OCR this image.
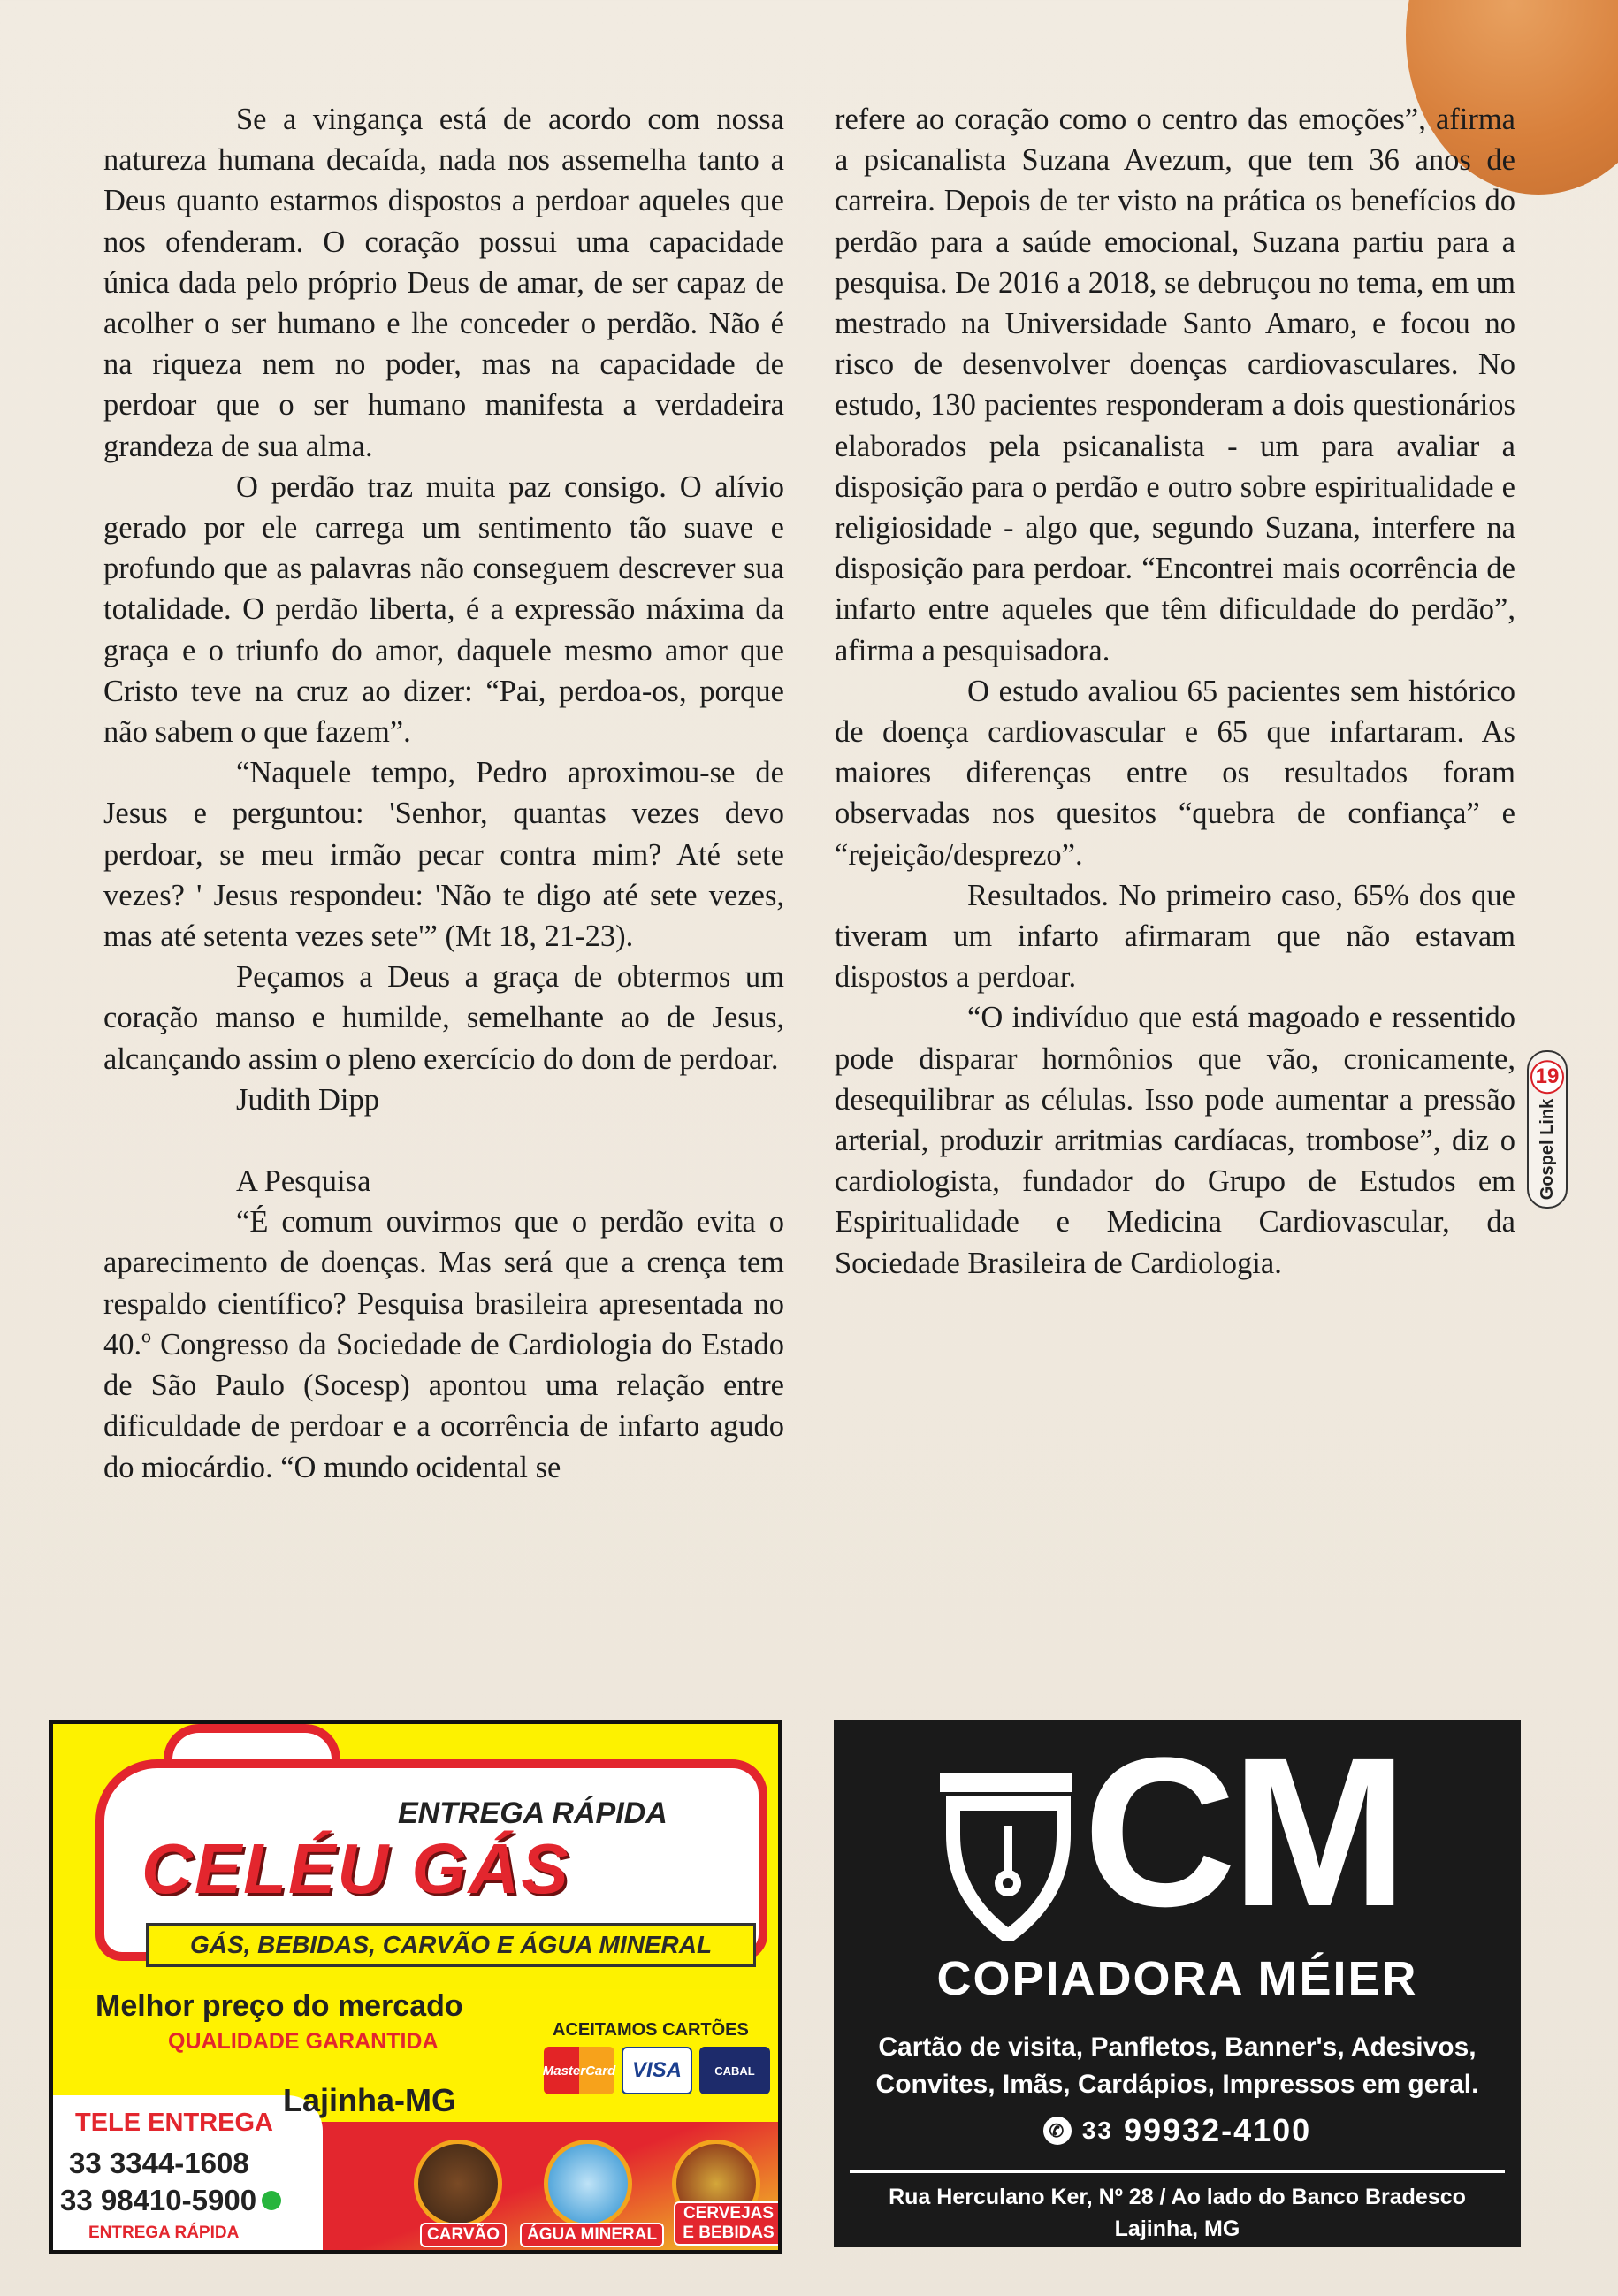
Se a vingança está de acordo com nossa natureza humana decaída, nada nos assemelha tanto a Deus quanto estarmos dispostos a perdoar aqueles que nos ofenderam. O coração possui uma capacidade única dada pelo próprio Deus de amar, de ser capaz de acolher o ser humano e lhe conceder o perdão. Não é na riqueza nem no poder, mas na capacidade de perdoar que o ser humano manifesta a verdadeira grandeza de sua alma.

O perdão traz muita paz consigo. O alívio gerado por ele carrega um sentimento tão suave e profundo que as palavras não conseguem descrever sua totalidade. O perdão liberta, é a expressão máxima da graça e o triunfo do amor, daquele mesmo amor que Cristo teve na cruz ao dizer: “Pai, perdoa-os, porque não sabem o que fazem”.

“Naquele tempo, Pedro aproximou-se de Jesus e perguntou: 'Senhor, quantas vezes devo perdoar, se meu irmão pecar contra mim? Até sete vezes? ' Jesus respondeu: 'Não te digo até sete vezes, mas até setenta vezes sete'” (Mt 18, 21-23).

Peçamos a Deus a graça de obtermos um coração manso e humilde, semelhante ao de Jesus, alcançando assim o pleno exercício do dom de perdoar.

Judith Dipp

A Pesquisa

“É comum ouvirmos que o perdão evita o aparecimento de doenças. Mas será que a crença tem respaldo científico? Pesquisa brasileira apresentada no 40.º Congresso da Sociedade de Cardiologia do Estado de São Paulo (Socesp) apontou uma relação entre dificuldade de perdoar e a ocorrência de infarto agudo do miocárdio. “O mundo ocidental se

refere ao coração como o centro das emoções”, afirma a psicanalista Suzana Avezum, que tem 36 anos de carreira. Depois de ter visto na prática os benefícios do perdão para a saúde emocional, Suzana partiu para a pesquisa. De 2016 a 2018, se debruçou no tema, em um mestrado na Universidade Santo Amaro, e focou no risco de desenvolver doenças cardiovasculares. No estudo, 130 pacientes responderam a dois questionários elaborados pela psicanalista - um para avaliar a disposição para o perdão e outro sobre espiritualidade e religiosidade - algo que, segundo Suzana, interfere na disposição para perdoar. “Encontrei mais ocorrência de infarto entre aqueles que têm dificuldade do perdão”, afirma a pesquisadora.

O estudo avaliou 65 pacientes sem histórico de doença cardiovascular e 65 que infartaram. As maiores diferenças entre os resultados foram observadas nos quesitos “quebra de confiança” e “rejeição/desprezo”.

Resultados. No primeiro caso, 65% dos que tiveram um infarto afirmaram que não estavam dispostos a perdoar.

“O indivíduo que está magoado e ressentido pode disparar hormônios que vão, cronicamente, desequilibrar as células. Isso pode aumentar a pressão arterial, produzir arritmias cardíacas, trombose”, diz o cardiologista, fundador do Grupo de Estudos em Espiritualidade e Medicina Cardiovascular, da Sociedade Brasileira de Cardiologia.

Gospel Link
19
ENTREGA RÁPIDA
CELÉU GÁS
GÁS, BEBIDAS, CARVÃO E ÁGUA MINERAL
Melhor preço do mercado
QUALIDADE GARANTIDA	ACEITAMOS CARTÕES
MasterCard VISA	CABAL
Lajinha-MG
TELE ENTREGA
33 3344-1608
33 98410-5900
ENTREGA RÁPIDA	CARVÃO	ÁGUA MINERAL
CERVEJAS E BEBIDAS
CM
COPIADORA MÉIER
Cartão de visita, Panfletos, Banner's, Adesivos,
Convites, Imãs, Cardápios, Impressos em geral.
✆ 33 99932-4100
Rua Herculano Ker, Nº 28 / Ao lado do Banco Bradesco
Lajinha, MG
